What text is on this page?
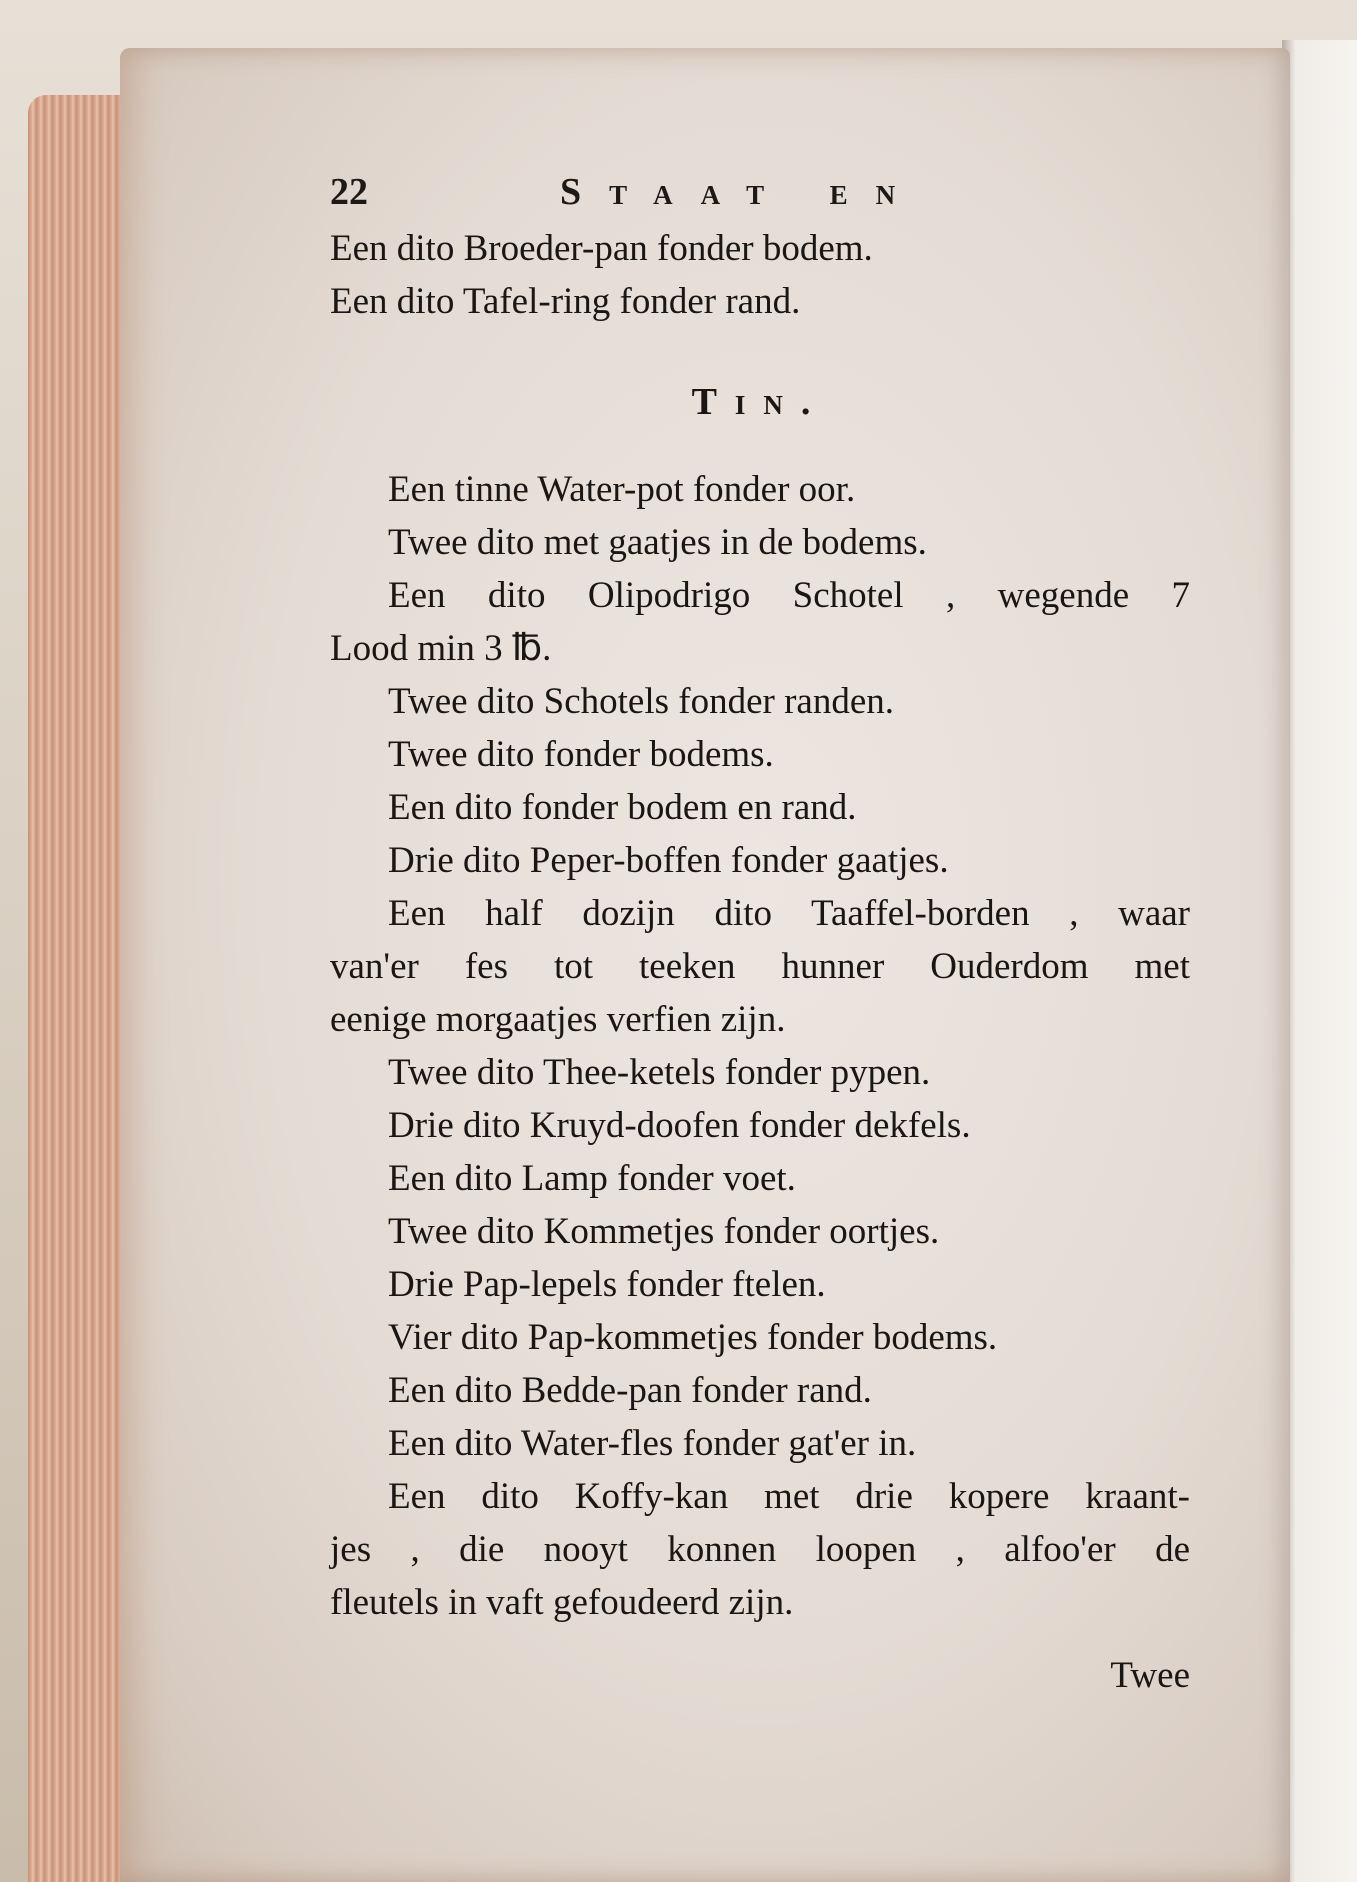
22	Staat en
Een dito Broeder-pan fonder bodem.
Een dito Tafel-ring fonder rand.
Tin.
Een tinne Water-pot fonder oor.
Twee dito met gaatjes in de bodems.
Een dito Olipodrigo Schotel , wegende 7
Lood min 3 ℔.
Twee dito Schotels fonder randen.
Twee dito fonder bodems.
Een dito fonder bodem en rand.
Drie dito Peper-boffen fonder gaatjes.
Een half dozijn dito Taaffel-borden , waar
van'er fes tot teeken hunner Ouderdom met
eenige morgaatjes verfien zijn.
Twee dito Thee-ketels fonder pypen.
Drie dito Kruyd-doofen fonder dekfels.
Een dito Lamp fonder voet.
Twee dito Kommetjes fonder oortjes.
Drie Pap-lepels fonder ftelen.
Vier dito Pap-kommetjes fonder bodems.
Een dito Bedde-pan fonder rand.
Een dito Water-fles fonder gat'er in.
Een dito Koffy-kan met drie kopere kraant-
jes , die nooyt konnen loopen , alfoo'er de
fleutels in vaft gefoudeerd zijn.
Twee
